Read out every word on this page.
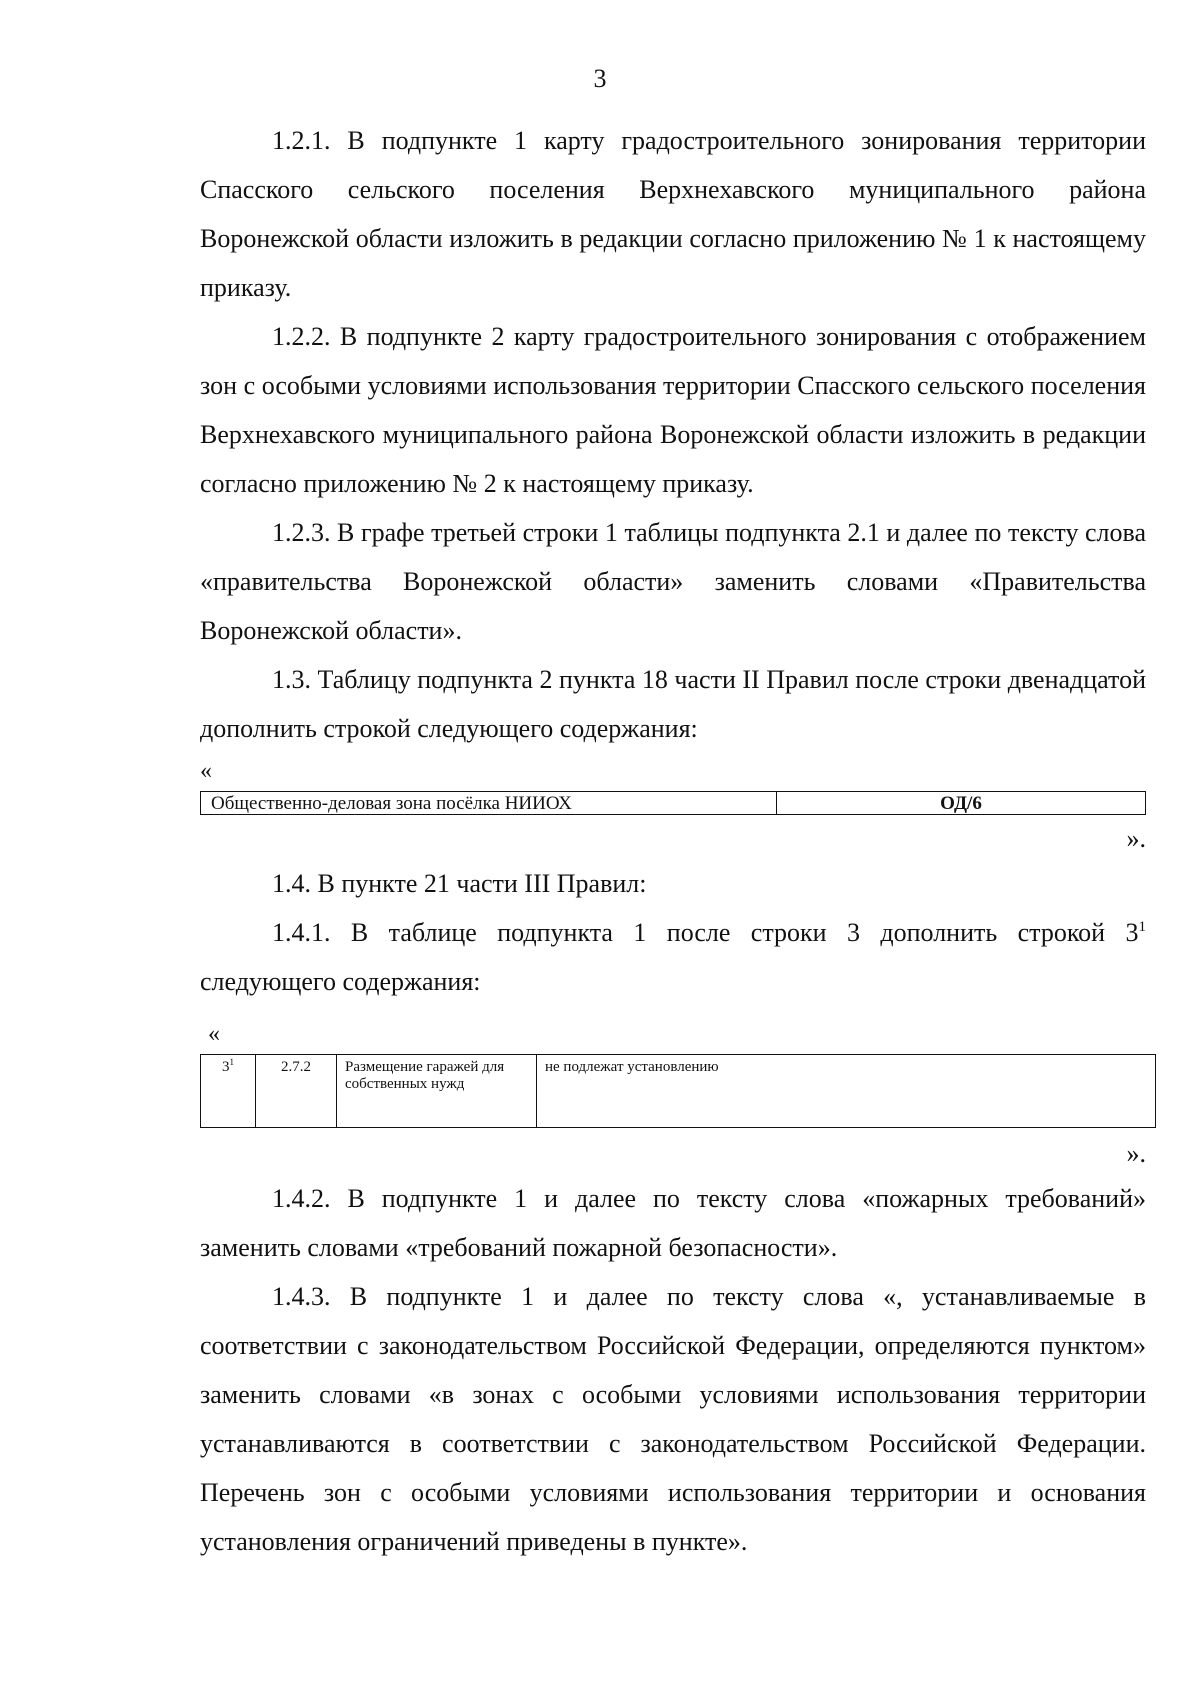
3

1.2.1. В подпункте 1 карту градостроительного зонирования территории Спасского сельского поселения Верхнехавского муниципального района Воронежской области изложить в редакции согласно приложению № 1 к настоящему приказу.

1.2.2. В подпункте 2 карту градостроительного зонирования с отображением зон с особыми условиями использования территории Спасского сельского поселения Верхнехавского муниципального района Воронежской области изложить в редакции согласно приложению № 2 к настоящему приказу.

1.2.3. В графе третьей строки 1 таблицы подпункта 2.1 и далее по тексту слова «правительства Воронежской области» заменить словами «Правительства Воронежской области».

1.3. Таблицу подпункта 2 пункта 18 части II Правил после строки двенадцатой дополнить строкой следующего содержания:

«

Общественно-деловая зона посёлка НИИОХ	ОД/6

».

1.4. В пункте 21 части III Правил:

1.4.1. В таблице подпункта 1 после строки 3 дополнить строкой $3^1$ следующего содержания:

«

$3^1$	2.7.2	Размещение гаражей для собственных нужд	не подлежат установлению

».

1.4.2. В подпункте 1 и далее по тексту слова «пожарных требований» заменить словами «требований пожарной безопасности».

1.4.3. В подпункте 1 и далее по тексту слова «, устанавливаемые в соответствии с законодательством Российской Федерации, определяются пунктом» заменить словами «в зонах с особыми условиями использования территории устанавливаются в соответствии с законодательством Российской Федерации. Перечень зон с особыми условиями использования территории и основания установления ограничений приведены в пункте».
